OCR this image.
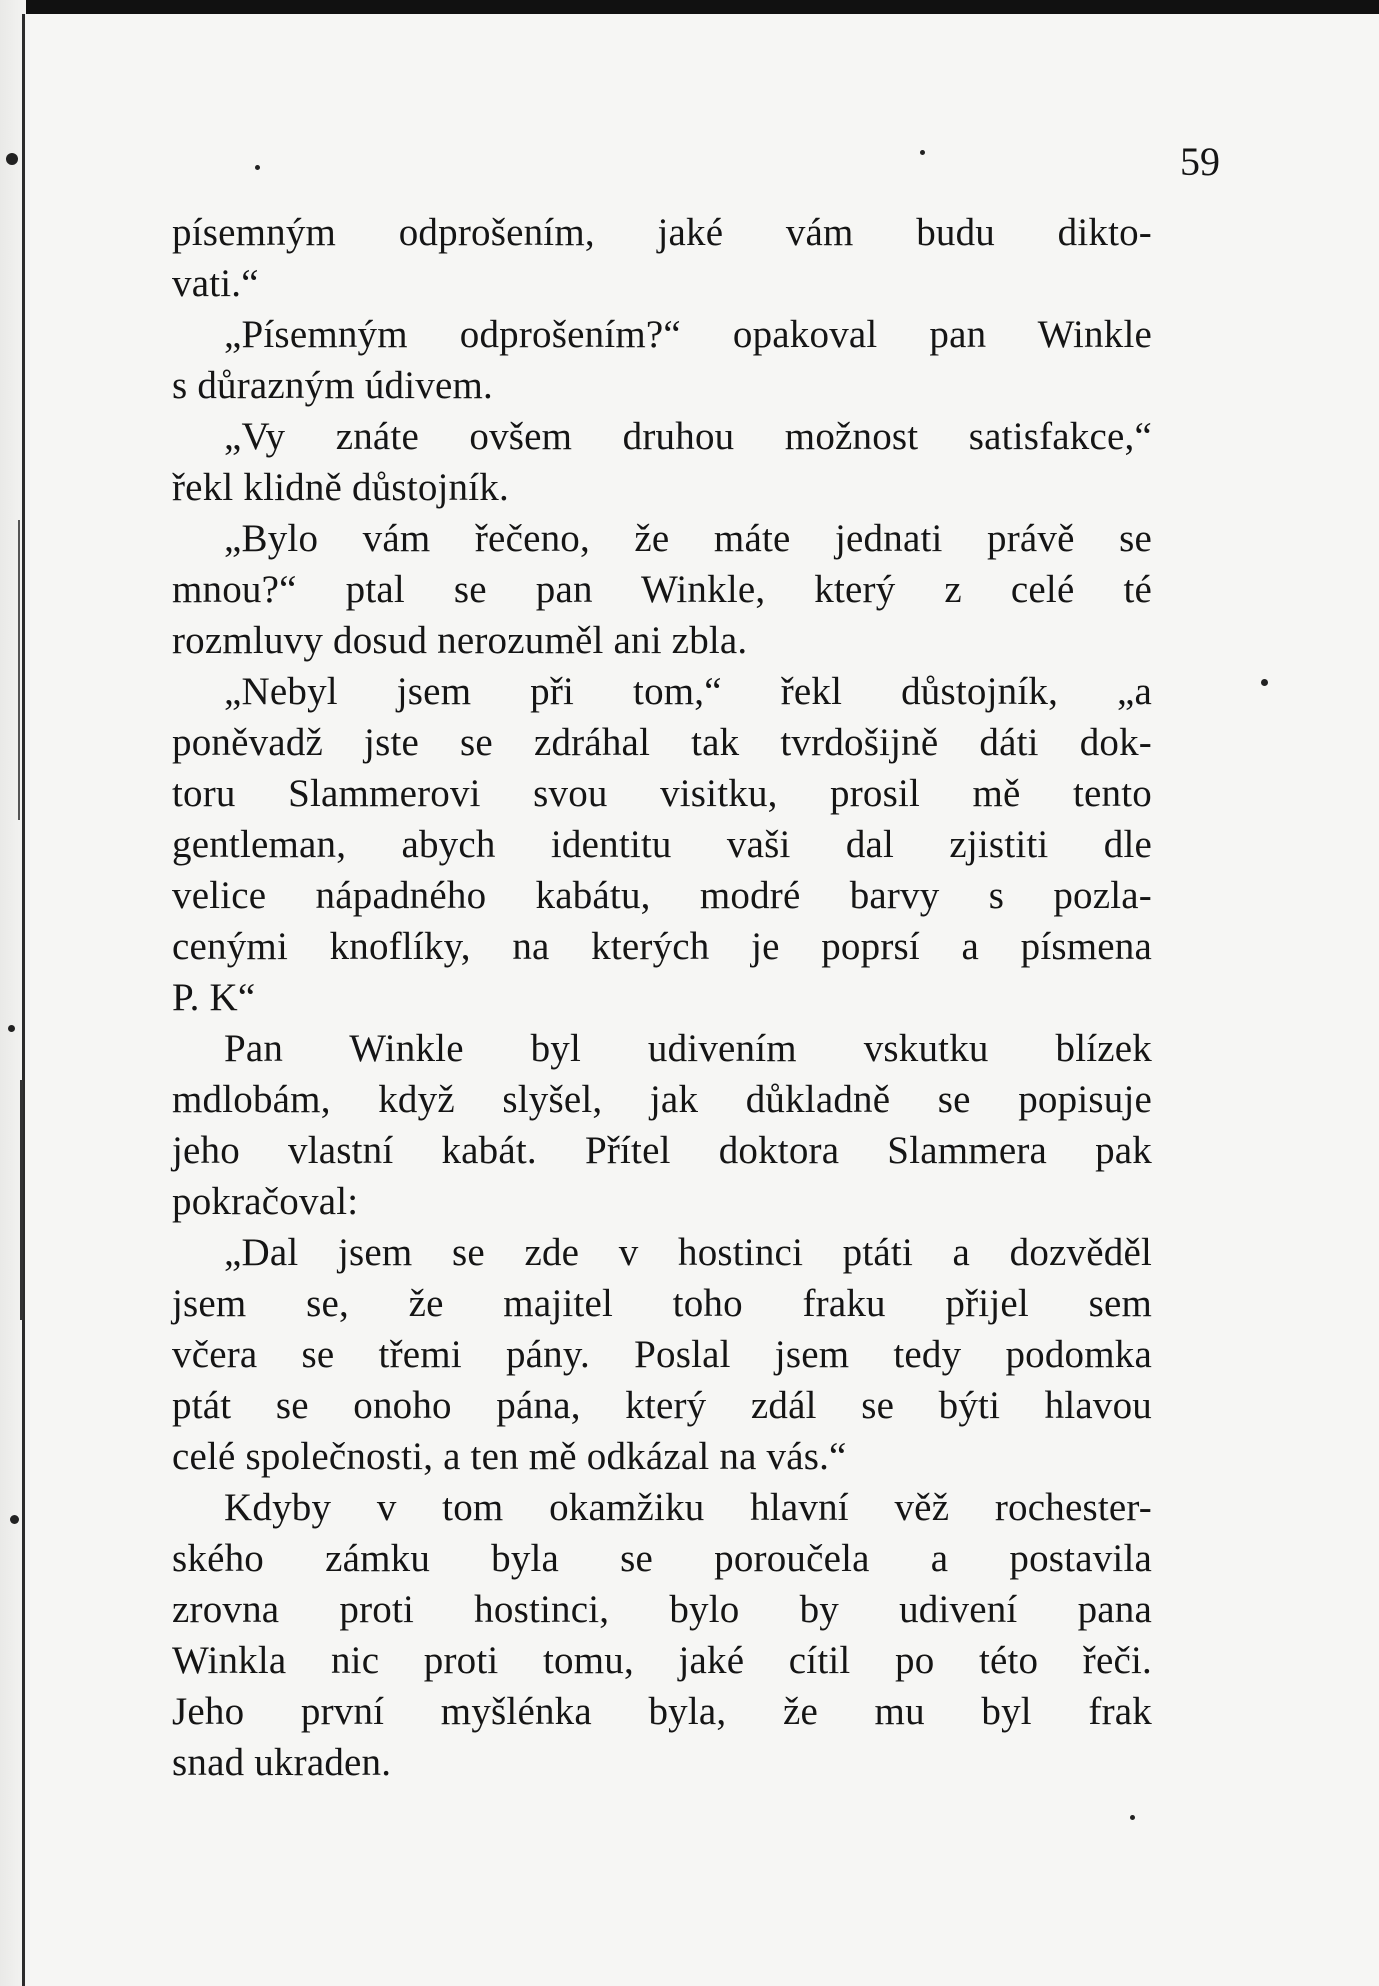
59
písemným odprošením, jaké vám budu dikto-
vati.“
„Písemným odprošením?“ opakoval pan Winkle
s důrazným údivem.
„Vy znáte ovšem druhou možnost satisfakce,“
řekl klidně důstojník.
„Bylo vám řečeno, že máte jednati právě se
mnou?“ ptal se pan Winkle, který z celé té
rozmluvy dosud nerozuměl ani zbla.
„Nebyl jsem při tom,“ řekl důstojník, „a
poněvadž jste se zdráhal tak tvrdošijně dáti dok-
toru Slammerovi svou visitku, prosil mě tento
gentleman, abych identitu vaši dal zjistiti dle
velice nápadného kabátu, modré barvy s pozla-
cenými knoflíky, na kterých je poprsí a písmena
P. K“
Pan Winkle byl udivením vskutku blízek
mdlobám, když slyšel, jak důkladně se popisuje
jeho vlastní kabát. Přítel doktora Slammera pak
pokračoval:
„Dal jsem se zde v hostinci ptáti a dozvěděl
jsem se, že majitel toho fraku přijel sem
včera se třemi pány. Poslal jsem tedy podomka
ptát se onoho pána, který zdál se býti hlavou
celé společnosti, a ten mě odkázal na vás.“
Kdyby v tom okamžiku hlavní věž rochester-
ského zámku byla se poroučela a postavila
zrovna proti hostinci, bylo by udivení pana
Winkla nic proti tomu, jaké cítil po této řeči.
Jeho první myšlénka byla, že mu byl frak
snad ukraden.
